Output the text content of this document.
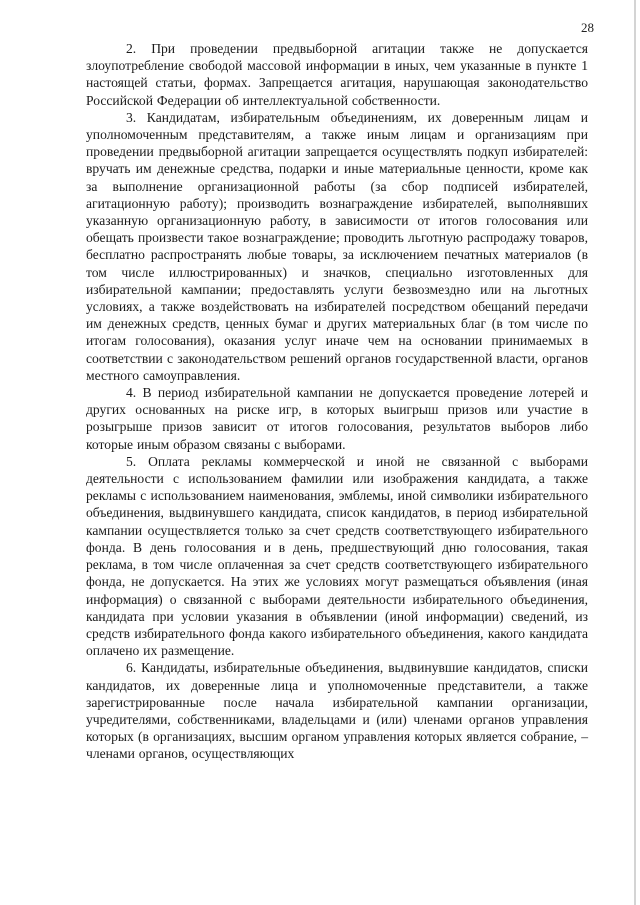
28

2. При проведении предвыборной агитации также не допускается злоупотребление свободой массовой информации в иных, чем указанные в пункте 1 настоящей статьи, формах. Запрещается агитация, нарушающая законодательство Российской Федерации об интеллектуальной собственности.

3. Кандидатам, избирательным объединениям, их доверенным лицам и уполномоченным представителям, а также иным лицам и организациям при проведении предвыборной агитации запрещается осуществлять подкуп избирателей: вручать им денежные средства, подарки и иные материальные ценности, кроме как за выполнение организационной работы (за сбор подписей избирателей, агитационную работу); производить вознаграждение избирателей, выполнявших указанную организационную работу, в зависимости от итогов голосования или обещать произвести такое вознаграждение; проводить льготную распродажу товаров, бесплатно распространять любые товары, за исключением печатных материалов (в том числе иллюстрированных) и значков, специально изготовленных для избирательной кампании; предоставлять услуги безвозмездно или на льготных условиях, а также воздействовать на избирателей посредством обещаний передачи им денежных средств, ценных бумаг и других материальных благ (в том числе по итогам голосования), оказания услуг иначе чем на основании принимаемых в соответствии с законодательством решений органов государственной власти, органов местного самоуправления.

4. В период избирательной кампании не допускается проведение лотерей и других основанных на риске игр, в которых выигрыш призов или участие в розыгрыше призов зависит от итогов голосования, результатов выборов либо которые иным образом связаны с выборами.

5. Оплата рекламы коммерческой и иной не связанной с выборами деятельности с использованием фамилии или изображения кандидата, а также рекламы с использованием наименования, эмблемы, иной символики избирательного объединения, выдвинувшего кандидата, список кандидатов, в период избирательной кампании осуществляется только за счет средств соответствующего избирательного фонда. В день голосования и в день, предшествующий дню голосования, такая реклама, в том числе оплаченная за счет средств соответствующего избирательного фонда, не допускается. На этих же условиях могут размещаться объявления (иная информация) о связанной с выборами деятельности избирательного объединения, кандидата при условии указания в объявлении (иной информации) сведений, из средств избирательного фонда какого избирательного объединения, какого кандидата оплачено их размещение.

6. Кандидаты, избирательные объединения, выдвинувшие кандидатов, списки кандидатов, их доверенные лица и уполномоченные представители, а также зарегистрированные после начала избирательной кампании организации, учредителями, собственниками, владельцами и (или) членами органов управления которых (в организациях, высшим органом управления которых является собрание, – членами органов, осуществляющих
